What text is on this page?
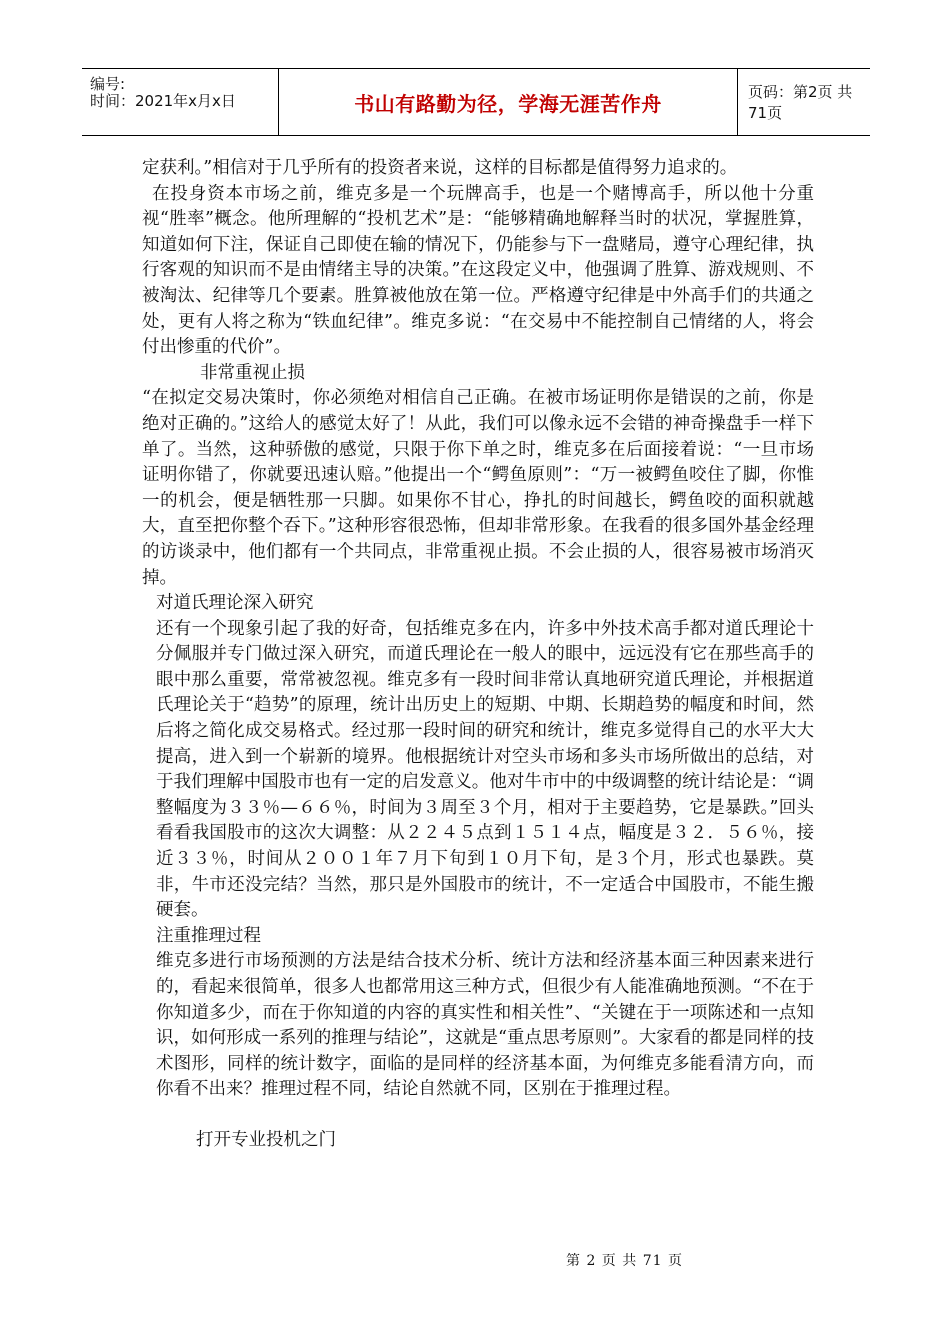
编号:
时间：2021年x月x日	书山有路勤为径，学海无涯苦作舟	页码：第2页 共71页

定获利。”相信对于几乎所有的投资者来说，这样的目标都是值得努力追求的。

在投身资本市场之前，维克多是一个玩牌高手，也是一个赌博高手，所以他十分重视“胜率”概念。他所理解的“投机艺术”是：“能够精确地解释当时的状况，掌握胜算，知道如何下注，保证自己即使在输的情况下，仍能参与下一盘赌局，遵守心理纪律，执行客观的知识而不是由情绪主导的决策。”在这段定义中，他强调了胜算、游戏规则、不被淘汰、纪律等几个要素。胜算被他放在第一位。严格遵守纪律是中外高手们的共通之处，更有人将之称为“铁血纪律”。维克多说：“在交易中不能控制自己情绪的人，将会付出惨重的代价”。

非常重视止损

“在拟定交易决策时，你必须绝对相信自己正确。在被市场证明你是错误的之前，你是绝对正确的。”这给人的感觉太好了！从此，我们可以像永远不会错的神奇操盘手一样下单了。当然，这种骄傲的感觉，只限于你下单之时，维克多在后面接着说：“一旦市场证明你错了，你就要迅速认赔。”他提出一个“鳄鱼原则”：“万一被鳄鱼咬住了脚，你惟一的机会，便是牺牲那一只脚。如果你不甘心，挣扎的时间越长，鳄鱼咬的面积就越大，直至把你整个吞下。”这种形容很恐怖，但却非常形象。在我看的很多国外基金经理的访谈录中，他们都有一个共同点，非常重视止损。不会止损的人，很容易被市场消灭掉。

对道氏理论深入研究

还有一个现象引起了我的好奇，包括维克多在内，许多中外技术高手都对道氏理论十分佩服并专门做过深入研究，而道氏理论在一般人的眼中，远远没有它在那些高手的眼中那么重要，常常被忽视。维克多有一段时间非常认真地研究道氏理论，并根据道氏理论关于“趋势”的原理，统计出历史上的短期、中期、长期趋势的幅度和时间，然后将之简化成交易格式。经过那一段时间的研究和统计，维克多觉得自己的水平大大提高，进入到一个崭新的境界。他根据统计对空头市场和多头市场所做出的总结，对于我们理解中国股市也有一定的启发意义。他对牛市中的中级调整的统计结论是：“调整幅度为３３％—６６％，时间为３周至３个月，相对于主要趋势，它是暴跌。”回头看看我国股市的这次大调整：从２２４５点到１５１４点，幅度是３２．５６％，接近３３％，时间从２００１年７月下旬到１０月下旬，是３个月，形式也暴跌。莫非，牛市还没完结？当然，那只是外国股市的统计，不一定适合中国股市，不能生搬硬套。

注重推理过程

维克多进行市场预测的方法是结合技术分析、统计方法和经济基本面三种因素来进行的，看起来很简单，很多人也都常用这三种方式，但很少有人能准确地预测。“不在于你知道多少，而在于你知道的内容的真实性和相关性”、“关键在于一项陈述和一点知识，如何形成一系列的推理与结论”，这就是“重点思考原则”。大家看的都是同样的技术图形，同样的统计数字，面临的是同样的经济基本面，为何维克多能看清方向，而你看不出来？推理过程不同，结论自然就不同，区别在于推理过程。

打开专业投机之门

第 2 页 共 71 页
